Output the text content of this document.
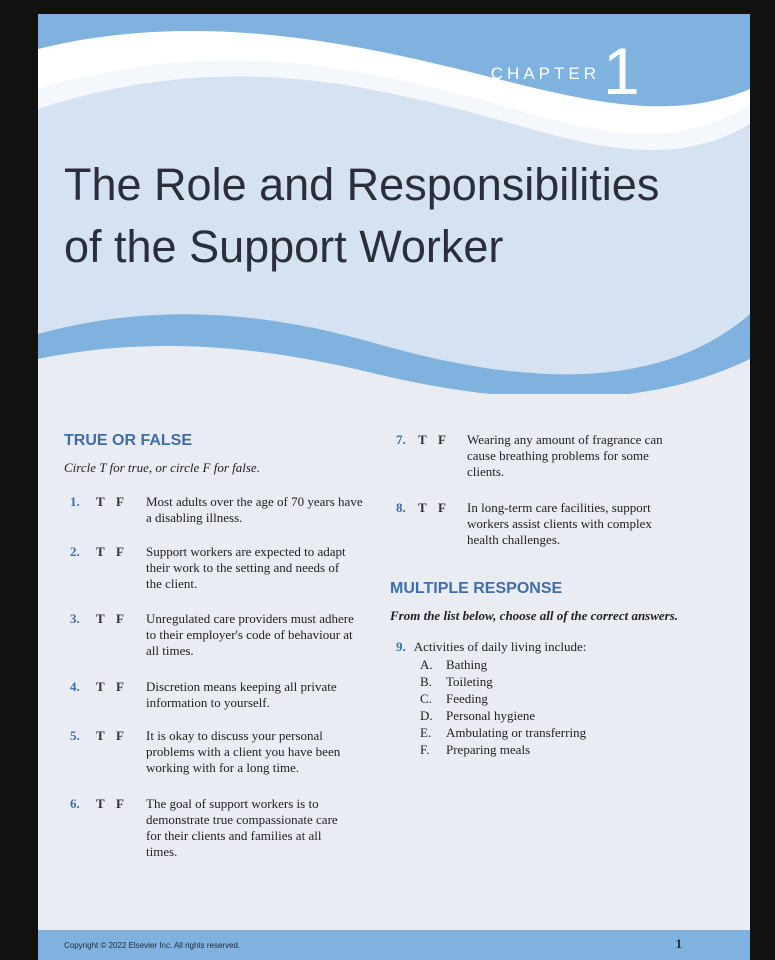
CHAPTER 1
The Role and Responsibilities
of the Support Worker
TRUE OR FALSE

Circle T for true, or circle F for false.

1. T F Most adults over the age of 70 years have a disabling illness.
2. T F Support workers are expected to adapt their work to the setting and needs of the client.
3. T F Unregulated care providers must adhere to their employer's code of behaviour at all times.
4. T F Discretion means keeping all private information to yourself.
5. T F It is okay to discuss your personal problems with a client you have been working with for a long time.
6. T F The goal of support workers is to demonstrate true compassionate care for their clients and families at all times.
7. T F Wearing any amount of fragrance can cause breathing problems for some clients.
8. T F In long-term care facilities, support workers assist clients with complex health challenges.
MULTIPLE RESPONSE

From the list below, choose all of the correct answers.

9. Activities of daily living include:
A. Bathing
B. Toileting
C. Feeding
D. Personal hygiene
E. Ambulating or transferring
F. Preparing meals
Copyright © 2022 Elsevier Inc. All rights reserved.	1
